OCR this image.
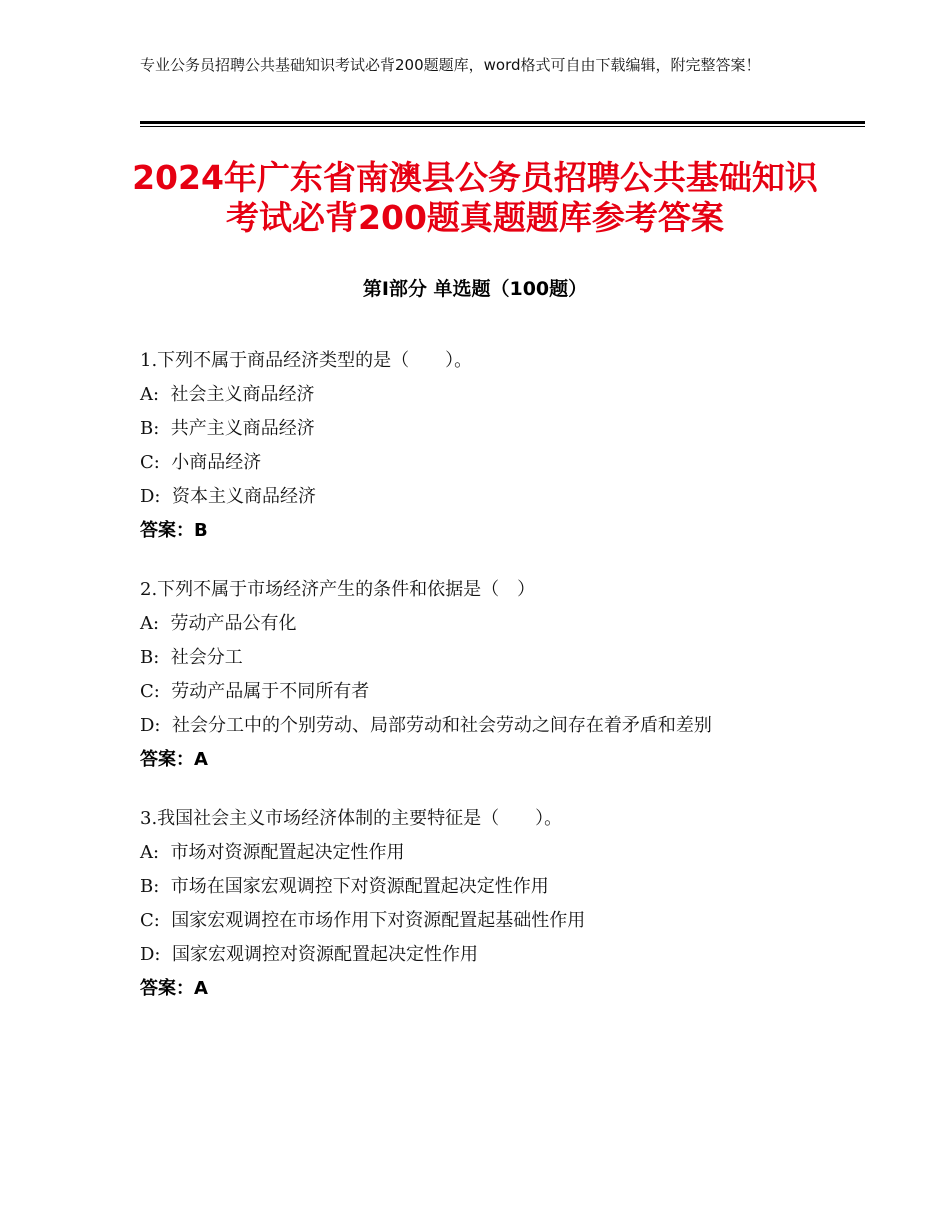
专业公务员招聘公共基础知识考试必背200题题库，word格式可自由下载编辑，附完整答案！
2024年广东省南澳县公务员招聘公共基础知识考试必背200题真题题库参考答案
第Ⅰ部分 单选题（100题）
1.下列不属于商品经济类型的是（　　）。
A:  社会主义商品经济
B:  共产主义商品经济
C:  小商品经济
D:  资本主义商品经济
答案：B
2.下列不属于市场经济产生的条件和依据是（　）
A:  劳动产品公有化
B:  社会分工
C:  劳动产品属于不同所有者
D:  社会分工中的个别劳动、局部劳动和社会劳动之间存在着矛盾和差别
答案：A
3.我国社会主义市场经济体制的主要特征是（　　）。
A:  市场对资源配置起决定性作用
B:  市场在国家宏观调控下对资源配置起决定性作用
C:  国家宏观调控在市场作用下对资源配置起基础性作用
D:  国家宏观调控对资源配置起决定性作用
答案：A
